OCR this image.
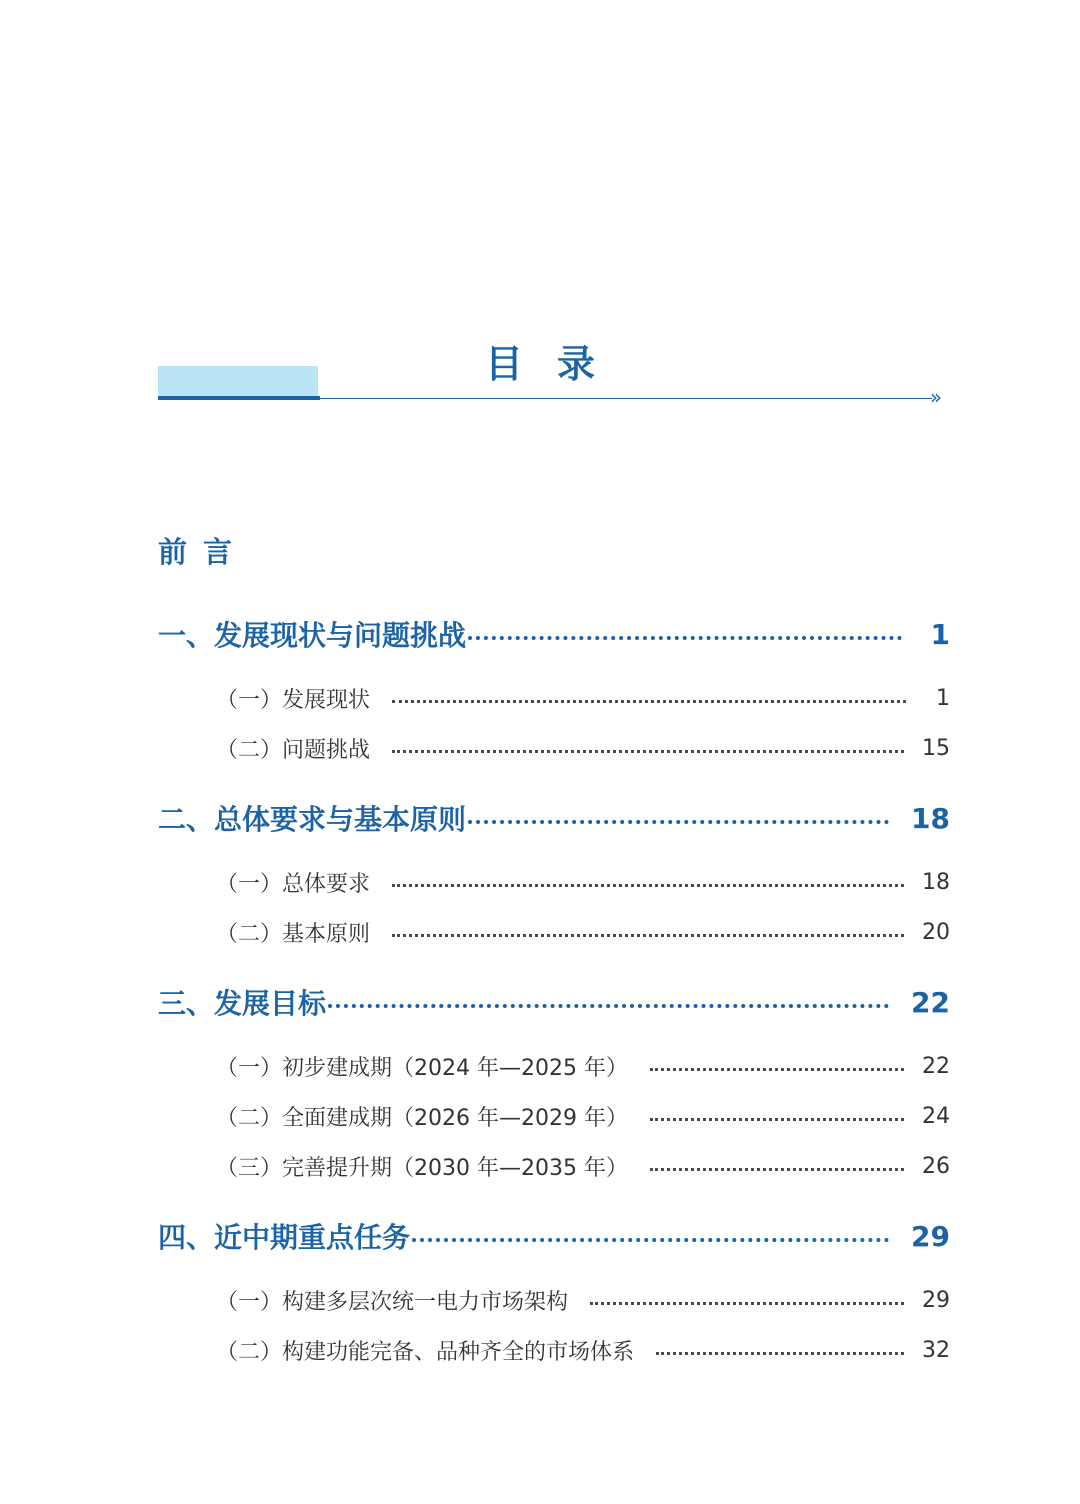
››
目录
前言
一、发展现状与问题挑战	1
（一）发展现状	1
（二）问题挑战	15
二、总体要求与基本原则	18
（一）总体要求	18
（二）基本原则	20
三、发展目标	22
（一）初步建成期（2024 年—2025 年）	22
（二）全面建成期（2026 年—2029 年）	24
（三）完善提升期（2030 年—2035 年）	26
四、近中期重点任务	29
（一）构建多层次统一电力市场架构	29
（二）构建功能完备、品种齐全的市场体系	32
